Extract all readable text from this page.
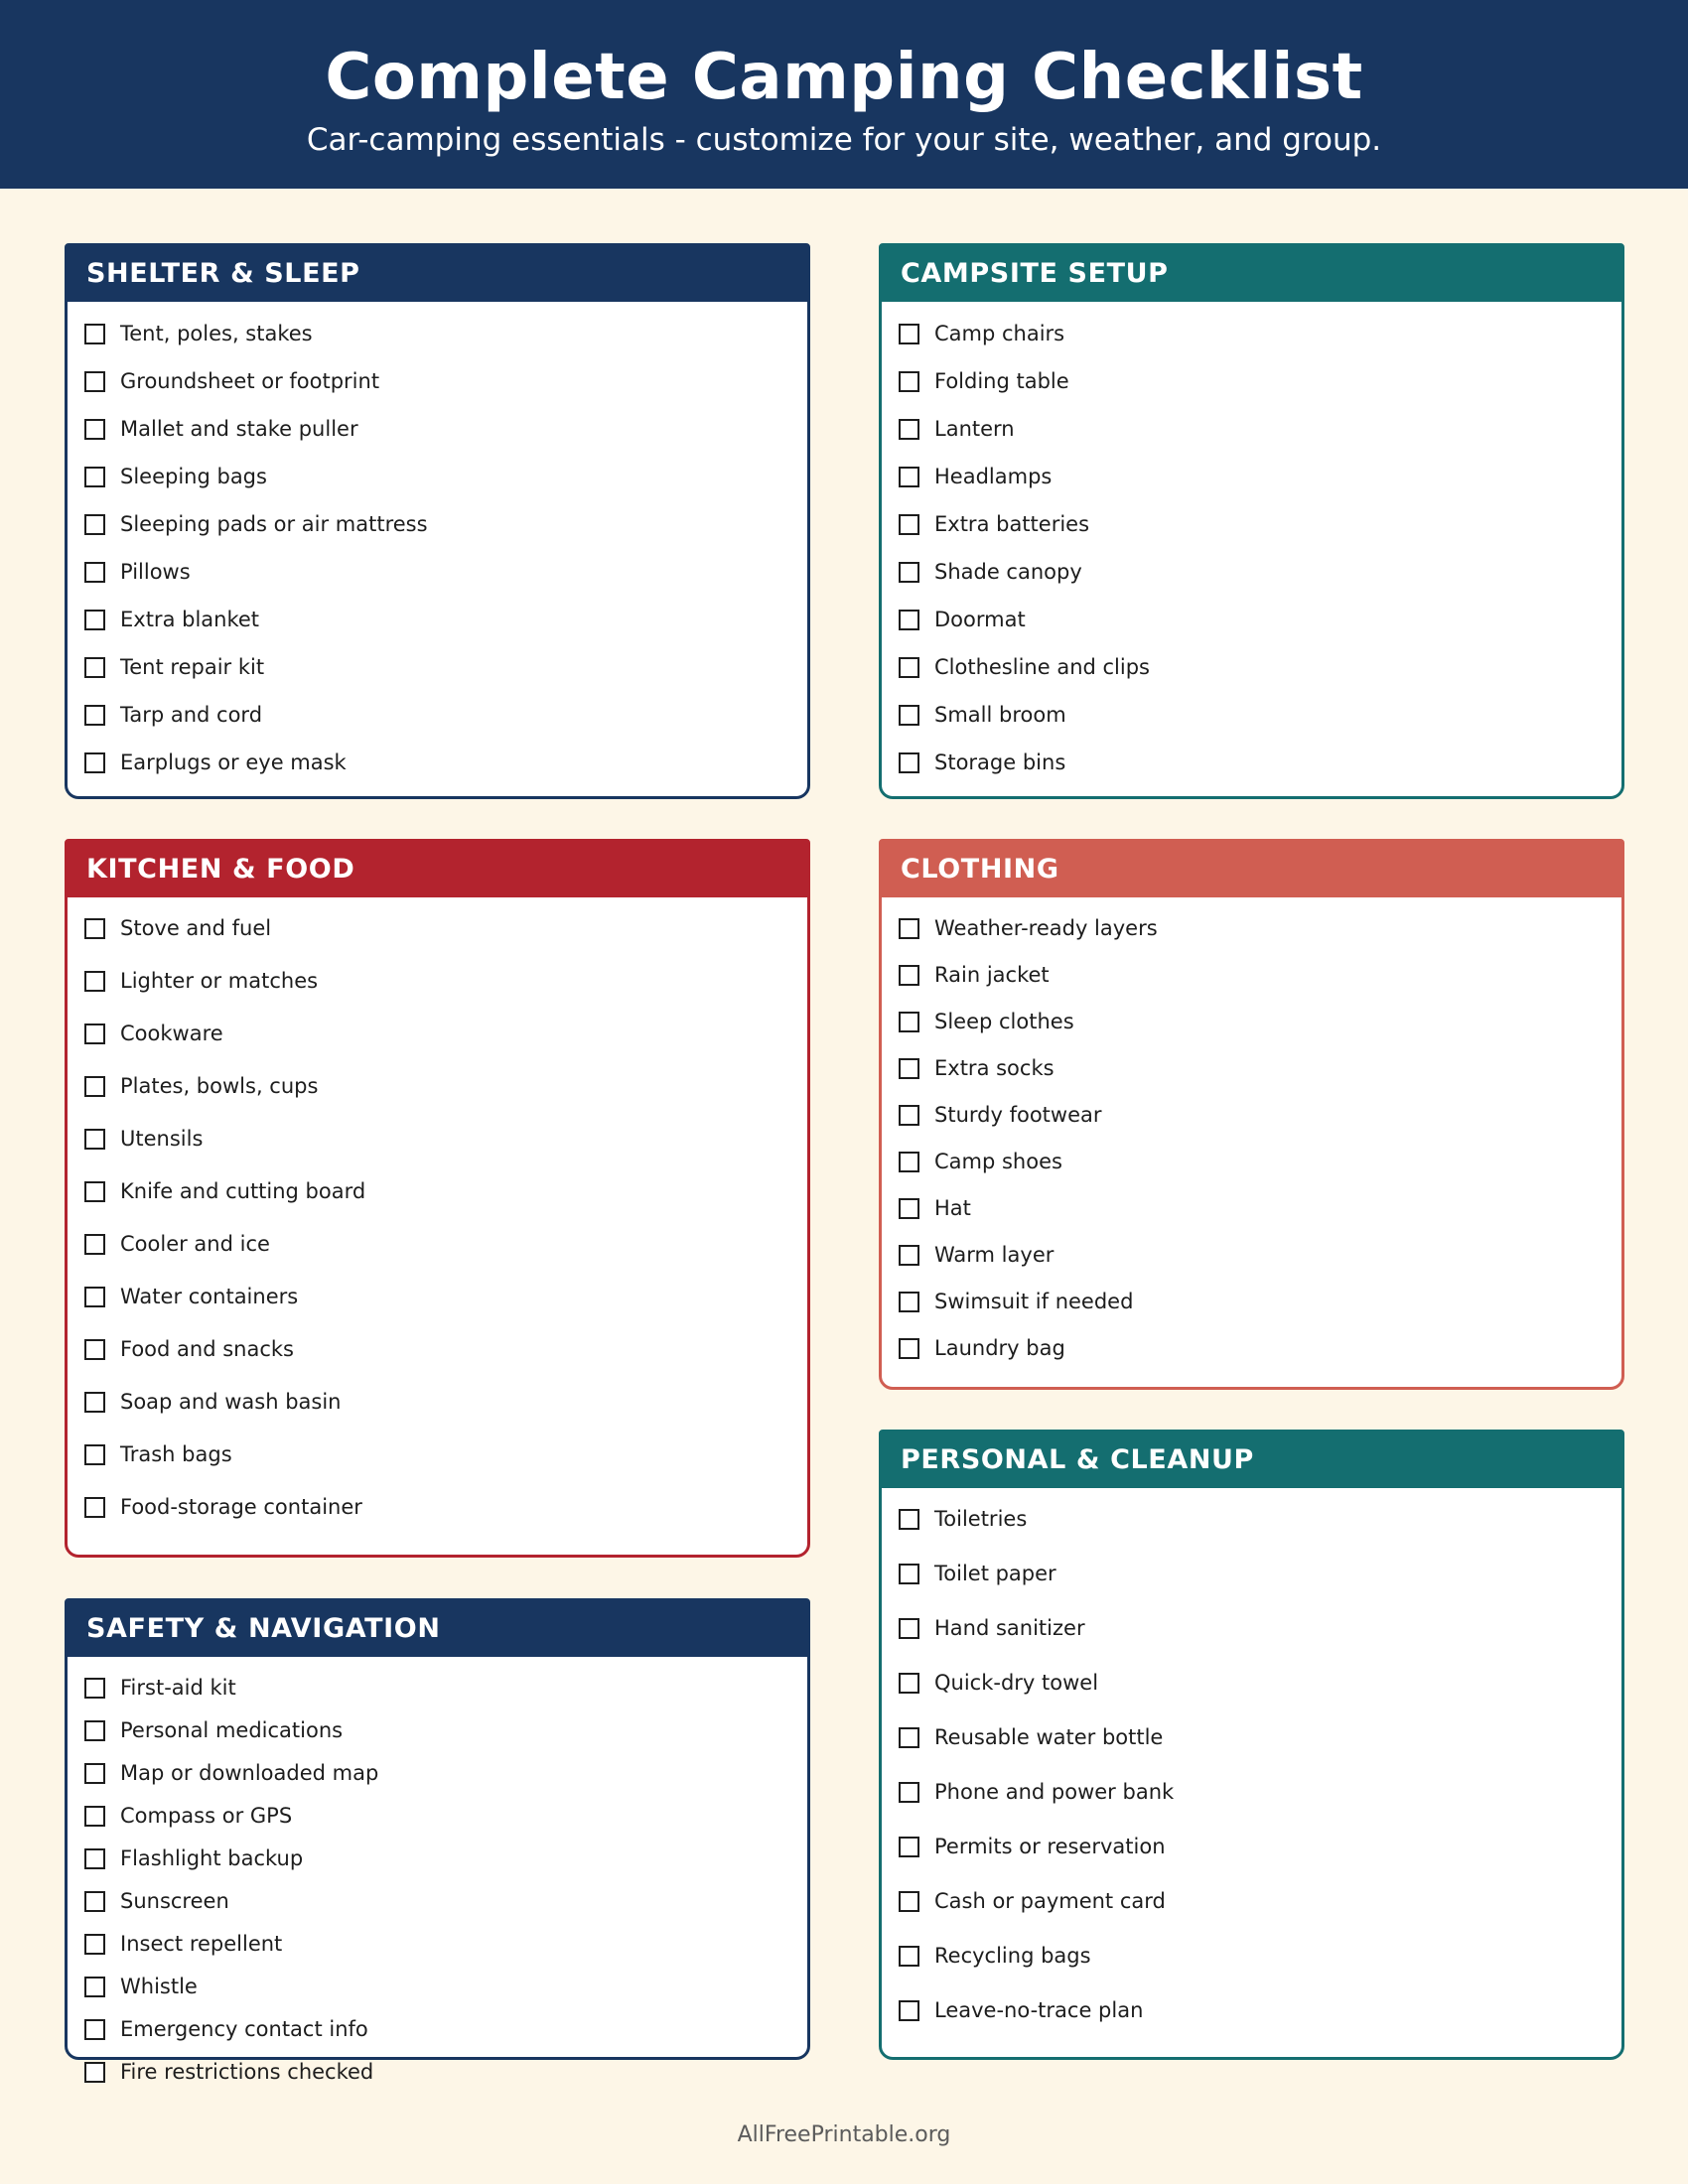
Complete Camping Checklist

Car-camping essentials - customize for your site, weather, and group.

SHELTER & SLEEP
Tent, poles, stakes
Groundsheet or footprint
Mallet and stake puller
Sleeping bags
Sleeping pads or air mattress
Pillows
Extra blanket
Tent repair kit
Tarp and cord
Earplugs or eye mask
CAMPSITE SETUP
Camp chairs
Folding table
Lantern
Headlamps
Extra batteries
Shade canopy
Doormat
Clothesline and clips
Small broom
Storage bins
KITCHEN & FOOD
Stove and fuel
Lighter or matches
Cookware
Plates, bowls, cups
Utensils
Knife and cutting board
Cooler and ice
Water containers
Food and snacks
Soap and wash basin
Trash bags
Food-storage container
CLOTHING
Weather-ready layers
Rain jacket
Sleep clothes
Extra socks
Sturdy footwear
Camp shoes
Hat
Warm layer
Swimsuit if needed
Laundry bag
SAFETY & NAVIGATION
First-aid kit
Personal medications
Map or downloaded map
Compass or GPS
Flashlight backup
Sunscreen
Insect repellent
Whistle
Emergency contact info
Fire restrictions checked
PERSONAL & CLEANUP
Toiletries
Toilet paper
Hand sanitizer
Quick-dry towel
Reusable water bottle
Phone and power bank
Permits or reservation
Cash or payment card
Recycling bags
Leave-no-trace plan
AllFreePrintable.org
